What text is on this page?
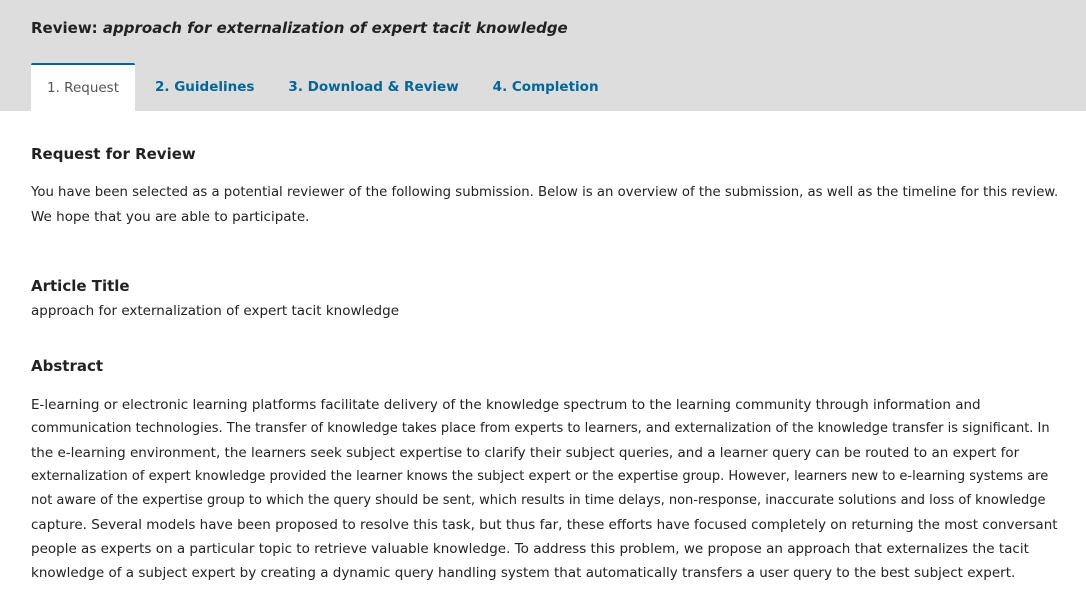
Review: approach for externalization of expert tacit knowledge
1. Request	2. Guidelines	3. Download & Review	4. Completion
Request for Review

You have been selected as a potential reviewer of the following submission. Below is an overview of the submission, as well as the timeline for this review.
We hope that you are able to participate.

Article Title

approach for externalization of expert tacit knowledge

Abstract

E-learning or electronic learning platforms facilitate delivery of the knowledge spectrum to the learning community through information and
communication technologies. The transfer of knowledge takes place from experts to learners, and externalization of the knowledge transfer is significant. In
the e-learning environment, the learners seek subject expertise to clarify their subject queries, and a learner query can be routed to an expert for
externalization of expert knowledge provided the learner knows the subject expert or the expertise group. However, learners new to e-learning systems are
not aware of the expertise group to which the query should be sent, which results in time delays, non-response, inaccurate solutions and loss of knowledge
capture. Several models have been proposed to resolve this task, but thus far, these efforts have focused completely on returning the most conversant
people as experts on a particular topic to retrieve valuable knowledge. To address this problem, we propose an approach that externalizes the tacit
knowledge of a subject expert by creating a dynamic query handling system that automatically transfers a user query to the best subject expert.
